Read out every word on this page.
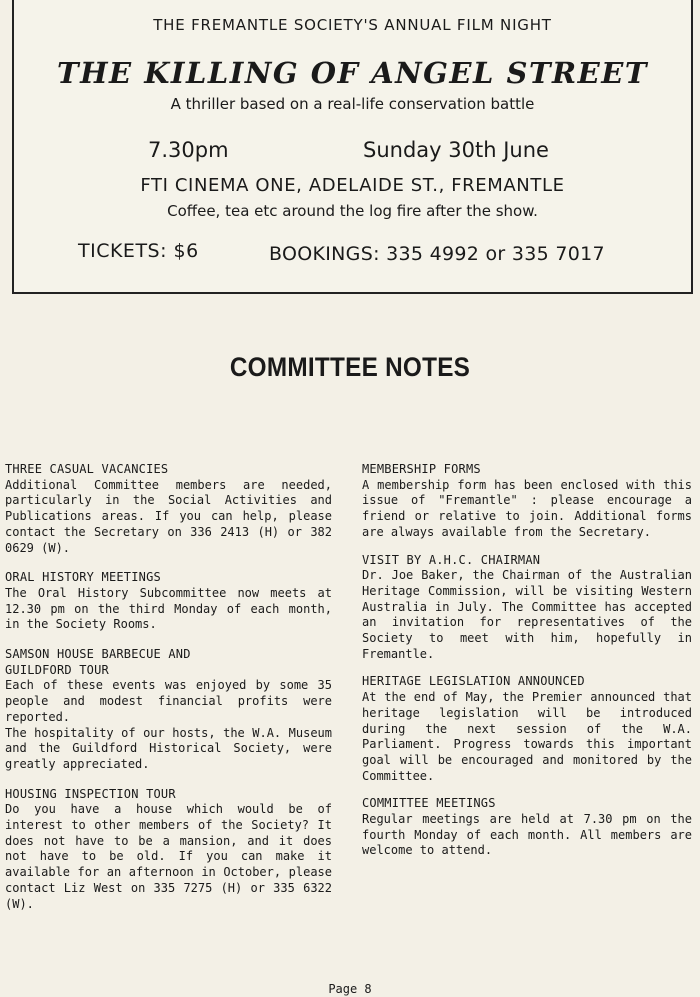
THE FREMANTLE SOCIETY'S ANNUAL FILM NIGHT
THE KILLING OF ANGEL STREET
A thriller based on a real-life conservation battle
7.30pm	Sunday 30th June
FTI CINEMA ONE, ADELAIDE ST., FREMANTLE
Coffee, tea etc around the log fire after the show.
TICKETS: $6	BOOKINGS: 335 4992 or 335 7017
COMMITTEE NOTES
THREE CASUAL VACANCIES
Additional Committee members are needed, particularly in the Social Activities and Publications areas. If you can help, please contact the Secretary on 336 2413 (H) or 382 0629 (W).
ORAL HISTORY MEETINGS
The Oral History Subcommittee now meets at 12.30 pm on the third Monday of each month, in the Society Rooms.
SAMSON HOUSE BARBECUE AND GUILDFORD TOUR
Each of these events was enjoyed by some 35 people and modest financial profits were reported.
The hospitality of our hosts, the W.A. Museum and the Guildford Historical Society, were greatly appreciated.
HOUSING INSPECTION TOUR
Do you have a house which would be of interest to other members of the Society? It does not have to be a mansion, and it does not have to be old. If you can make it available for an afternoon in October, please contact Liz West on 335 7275 (H) or 335 6322 (W).
MEMBERSHIP FORMS
A membership form has been enclosed with this issue of "Fremantle" : please encourage a friend or relative to join. Additional forms are always available from the Secretary.
VISIT BY A.H.C. CHAIRMAN
Dr. Joe Baker, the Chairman of the Australian Heritage Commission, will be visiting Western Australia in July. The Committee has accepted an invitation for representatives of the Society to meet with him, hopefully in Fremantle.
HERITAGE LEGISLATION ANNOUNCED
At the end of May, the Premier announced that heritage legislation will be introduced during the next session of the W.A. Parliament. Progress towards this important goal will be encouraged and monitored by the Committee.
COMMITTEE MEETINGS
Regular meetings are held at 7.30 pm on the fourth Monday of each month. All members are welcome to attend.
Page 8
